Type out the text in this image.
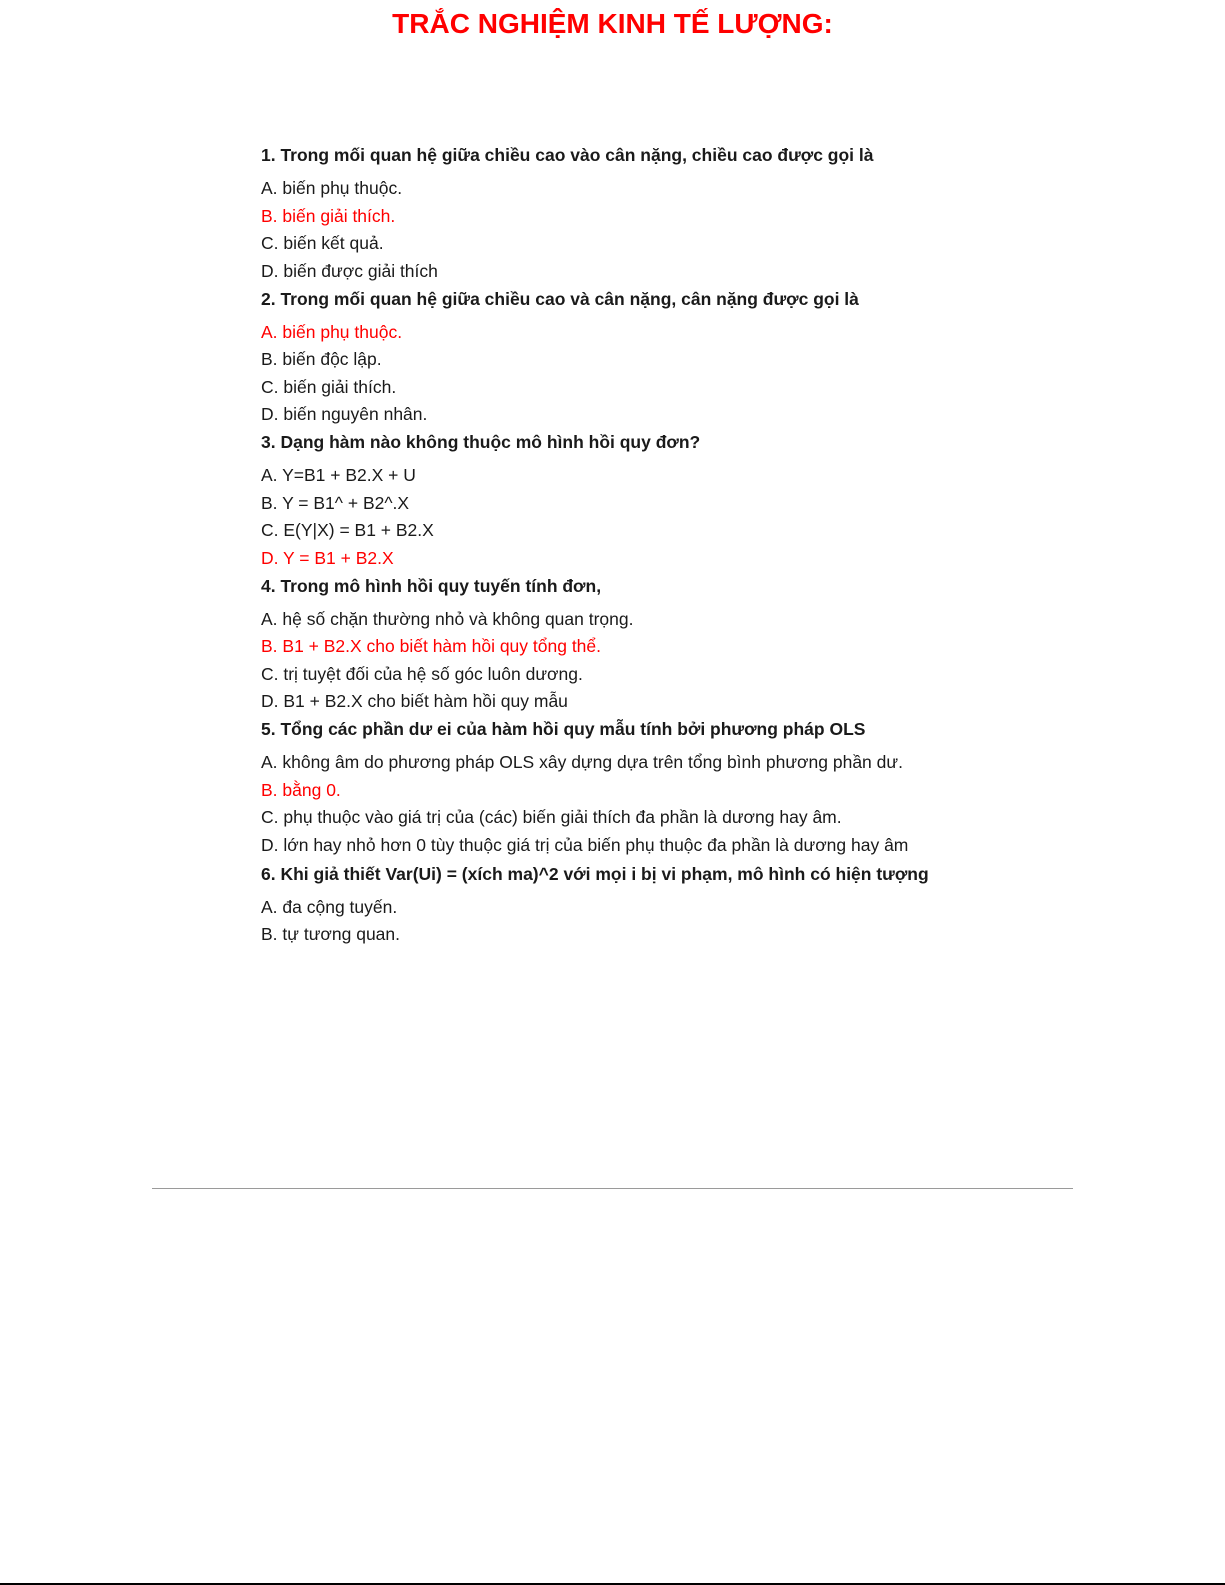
TRẮC NGHIỆM KINH TẾ LƯỢNG:
1. Trong mối quan hệ giữa chiều cao vào cân nặng, chiều cao được gọi là
A. biến phụ thuộc.
B. biến giải thích.
C. biến kết quả.
D. biến được giải thích
2. Trong mối quan hệ giữa chiều cao và cân nặng, cân nặng được gọi là
A. biến phụ thuộc.
B. biến độc lập.
C. biến giải thích.
D. biến nguyên nhân.
3. Dạng hàm nào không thuộc mô hình hồi quy đơn?
A. Y=B1 + B2.X + U
B. Y = B1^ + B2^.X
C. E(Y|X) = B1 + B2.X
D. Y = B1 + B2.X
4. Trong mô hình hồi quy tuyến tính đơn,
A. hệ số chặn thường nhỏ và không quan trọng.
B. B1 + B2.X cho biết hàm hồi quy tổng thể.
C. trị tuyệt đối của hệ số góc luôn dương.
D. B1 + B2.X cho biết hàm hồi quy mẫu
5. Tổng các phần dư ei của hàm hồi quy mẫu tính bởi phương pháp OLS
A. không âm do phương pháp OLS xây dựng dựa trên tổng bình phương phần dư.
B. bằng 0.
C. phụ thuộc vào giá trị của (các) biến giải thích đa phần là dương hay âm.
D. lớn hay nhỏ hơn 0 tùy thuộc giá trị của biến phụ thuộc đa phần là dương hay âm
6. Khi giả thiết Var(Ui) = (xích ma)^2 với mọi i bị vi phạm, mô hình có hiện tượng
A. đa cộng tuyến.
B. tự tương quan.
